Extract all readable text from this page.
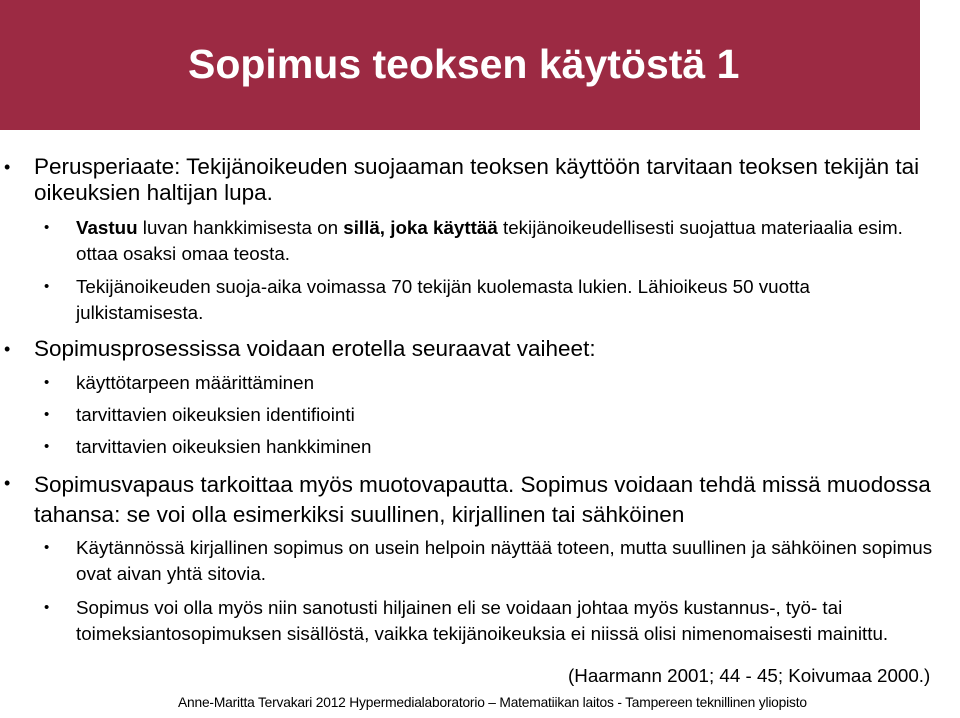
Sopimus teoksen käytöstä 1
• Perusperiaate: Tekijänoikeuden suojaaman teoksen käyttöön tarvitaan teoksen tekijän tai oikeuksien haltijan lupa.
• Vastuu luvan hankkimisesta on sillä, joka käyttää tekijänoikeudellisesti suojattua materiaalia esim. ottaa osaksi omaa teosta.
• Tekijänoikeuden suoja-aika voimassa 70 tekijän kuolemasta lukien. Lähioikeus 50 vuotta julkistamisesta.
• Sopimusprosessissa voidaan erotella seuraavat vaiheet:
• käyttötarpeen määrittäminen
• tarvittavien oikeuksien identifiointi
• tarvittavien oikeuksien hankkiminen
• Sopimusvapaus tarkoittaa myös muotovapautta. Sopimus voidaan tehdä missä muodossa tahansa: se voi olla esimerkiksi suullinen, kirjallinen tai sähköinen
• Käytännössä kirjallinen sopimus on usein helpoin näyttää toteen, mutta suullinen ja sähköinen sopimus ovat aivan yhtä sitovia.
• Sopimus voi olla myös niin sanotusti hiljainen eli se voidaan johtaa myös kustannus-, työ- tai toimeksiantosopimuksen sisällöstä, vaikka tekijänoikeuksia ei niissä olisi nimenomaisesti mainittu.
(Haarmann 2001; 44 - 45; Koivumaa 2000.)
Anne-Maritta Tervakari 2012 Hypermedialaboratorio – Matematiikan laitos - Tampereen teknillinen yliopisto
